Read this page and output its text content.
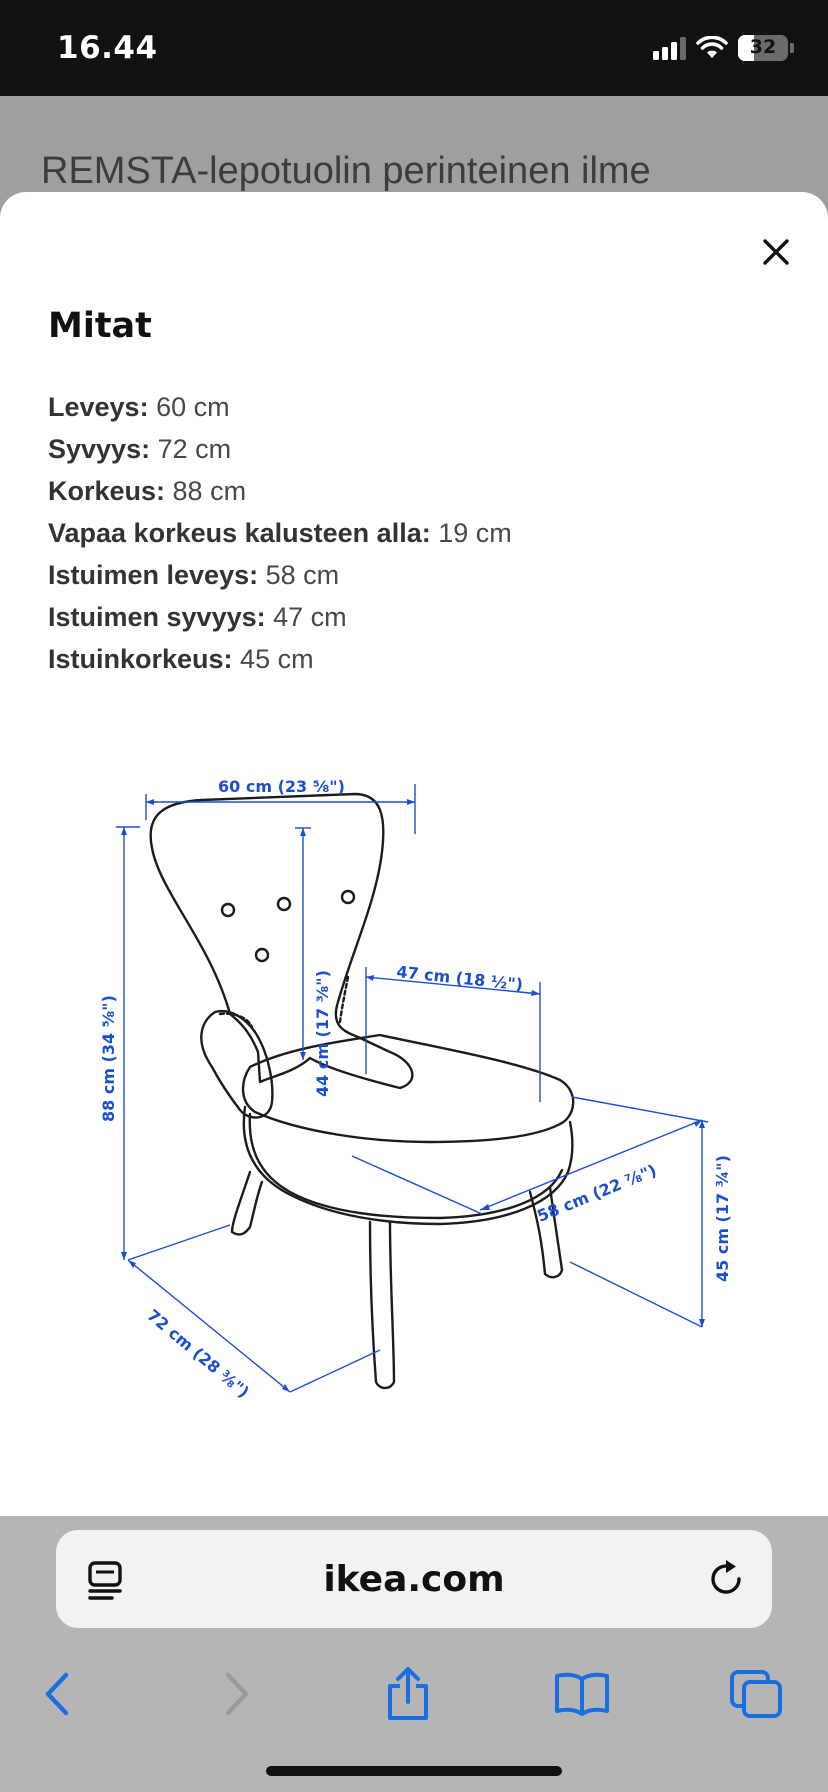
16.44	32
REMSTA-lepotuolin perinteinen ilme
Mitat
Leveys: 60 cm
Syvyys: 72 cm
Korkeus: 88 cm
Vapaa korkeus kalusteen alla: 19 cm
Istuimen leveys: 58 cm
Istuimen syvyys: 47 cm
Istuinkorkeus: 45 cm
60 cm (23 ⅝")
88 cm (34 ⅝")	44 cm (17 ⅜")	47 cm (18 ½")
58 cm (22 ⅞")	45 cm (17 ¾")
72 cm (28 ⅜")
ikea.com
